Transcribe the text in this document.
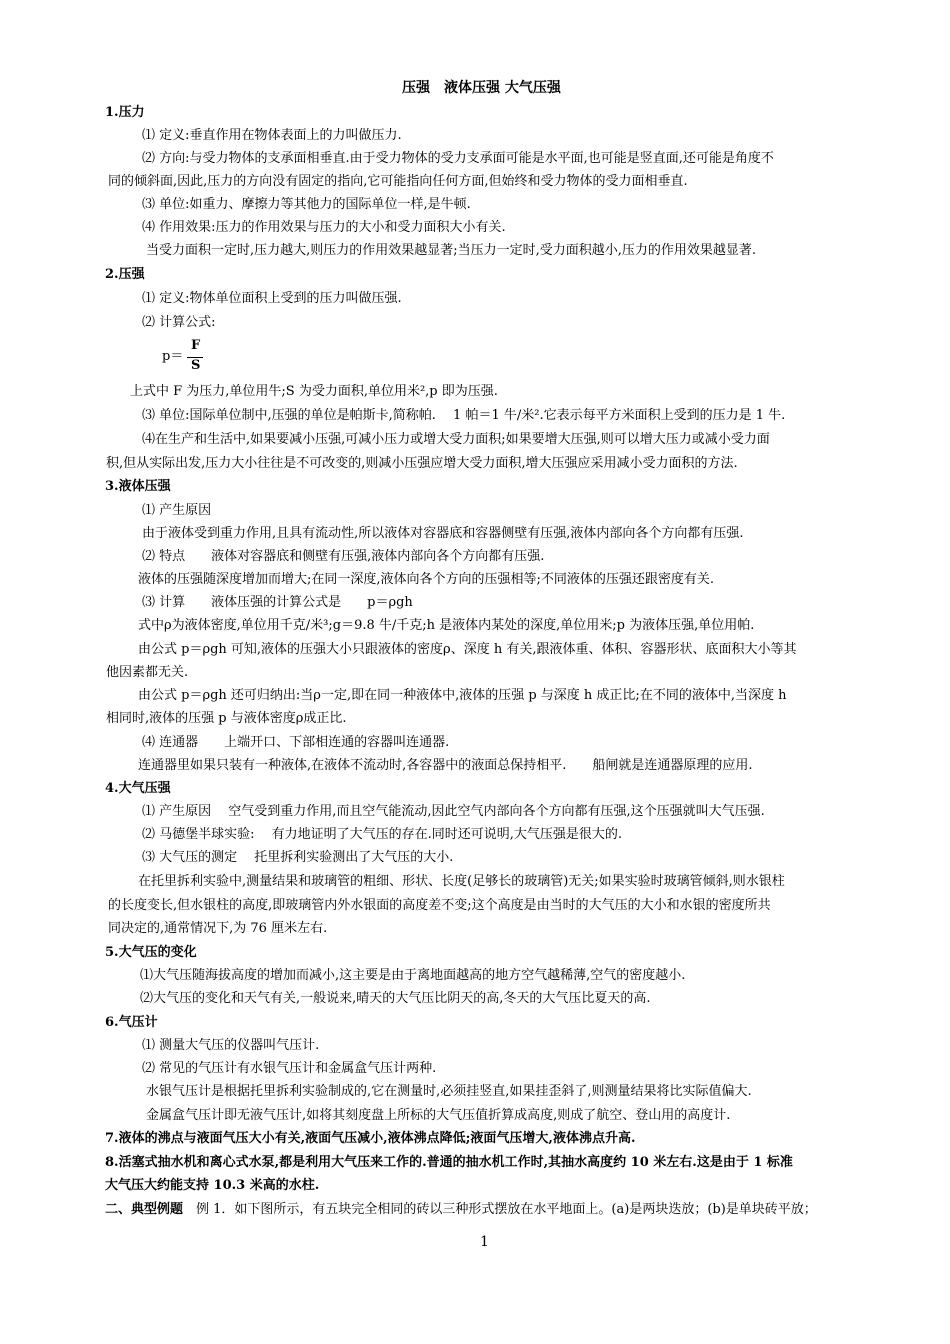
压强　液体压强 大气压强
1.压力
⑴ 定义:垂直作用在物体表面上的力叫做压力.
⑵ 方向:与受力物体的支承面相垂直.由于受力物体的受力支承面可能是水平面,也可能是竖直面,还可能是角度不
同的倾斜面,因此,压力的方向没有固定的指向,它可能指向任何方面,但始终和受力物体的受力面相垂直.
⑶ 单位:如重力、摩擦力等其他力的国际单位一样,是牛顿.
⑷ 作用效果:压力的作用效果与压力的大小和受力面积大小有关.
当受力面积一定时,压力越大,则压力的作用效果越显著;当压力一定时,受力面积越小,压力的作用效果越显著.
2.压强
⑴ 定义:物体单位面积上受到的压力叫做压强.
⑵ 计算公式:
p＝
F
S
上式中 F 为压力,单位用牛;S 为受力面积,单位用米²,p 即为压强.
⑶ 单位:国际单位制中,压强的单位是帕斯卡,简称帕.　 1 帕＝1 牛/米².它表示每平方米面积上受到的压力是 1 牛.
⑷在生产和生活中,如果要减小压强,可减小压力或增大受力面积;如果要增大压强,则可以增大压力或减小受力面
积,但从实际出发,压力大小往往是不可改变的,则减小压强应增大受力面积,增大压强应采用减小受力面积的方法.
3.液体压强
⑴ 产生原因
由于液体受到重力作用,且具有流动性,所以液体对容器底和容器侧壁有压强,液体内部向各个方向都有压强.
⑵ 特点　　液体对容器底和侧壁有压强,液体内部向各个方向都有压强.
液体的压强随深度增加而增大;在同一深度,液体向各个方向的压强相等;不同液体的压强还跟密度有关.
⑶ 计算　　液体压强的计算公式是　　p＝ρgh
式中ρ为液体密度,单位用千克/米³;g＝9.8 牛/千克;h 是液体内某处的深度,单位用米;p 为液体压强,单位用帕.
由公式 p＝ρgh 可知,液体的压强大小只跟液体的密度ρ、深度 h 有关,跟液体重、体积、容器形状、底面积大小等其
他因素都无关.
由公式 p＝ρgh 还可归纳出:当ρ一定,即在同一种液体中,液体的压强 p 与深度 h 成正比;在不同的液体中,当深度 h
相同时,液体的压强 p 与液体密度ρ成正比.
⑷ 连通器　　上端开口、下部相连通的容器叫连通器.
连通器里如果只装有一种液体,在液体不流动时,各容器中的液面总保持相平.　　船闸就是连通器原理的应用.
4.大气压强
⑴ 产生原因　 空气受到重力作用,而且空气能流动,因此空气内部向各个方向都有压强,这个压强就叫大气压强.
⑵ 马德堡半球实验:　 有力地证明了大气压的存在.同时还可说明,大气压强是很大的.
⑶ 大气压的测定　 托里拆利实验测出了大气压的大小.
在托里拆利实验中,测量结果和玻璃管的粗细、形状、长度(足够长的玻璃管)无关;如果实验时玻璃管倾斜,则水银柱
的长度变长,但水银柱的高度,即玻璃管内外水银面的高度差不变;这个高度是由当时的大气压的大小和水银的密度所共
同决定的,通常情况下,为 76 厘米左右.
5.大气压的变化
⑴大气压随海拔高度的增加而减小,这主要是由于离地面越高的地方空气越稀薄,空气的密度越小.
⑵大气压的变化和天气有关,一般说来,晴天的大气压比阴天的高,冬天的大气压比夏天的高.
6.气压计
⑴ 测量大气压的仪器叫气压计.
⑵ 常见的气压计有水银气压计和金属盒气压计两种.
水银气压计是根据托里拆利实验制成的,它在测量时,必须挂竖直,如果挂歪斜了,则测量结果将比实际值偏大.
金属盒气压计即无液气压计,如将其刻度盘上所标的大气压值折算成高度,则成了航空、登山用的高度计.
7.液体的沸点与液面气压大小有关,液面气压减小,液体沸点降低;液面气压增大,液体沸点升高.
8.活塞式抽水机和离心式水泵,都是利用大气压来工作的.普通的抽水机工作时,其抽水高度约 10 米左右.这是由于 1 标准
大气压大约能支持 10.3 米高的水柱.
二、典型例题　例 1．如下图所示，有五块完全相同的砖以三种形式摆放在水平地面上。(a)是两块迭放；(b)是单块砖平放；
1
